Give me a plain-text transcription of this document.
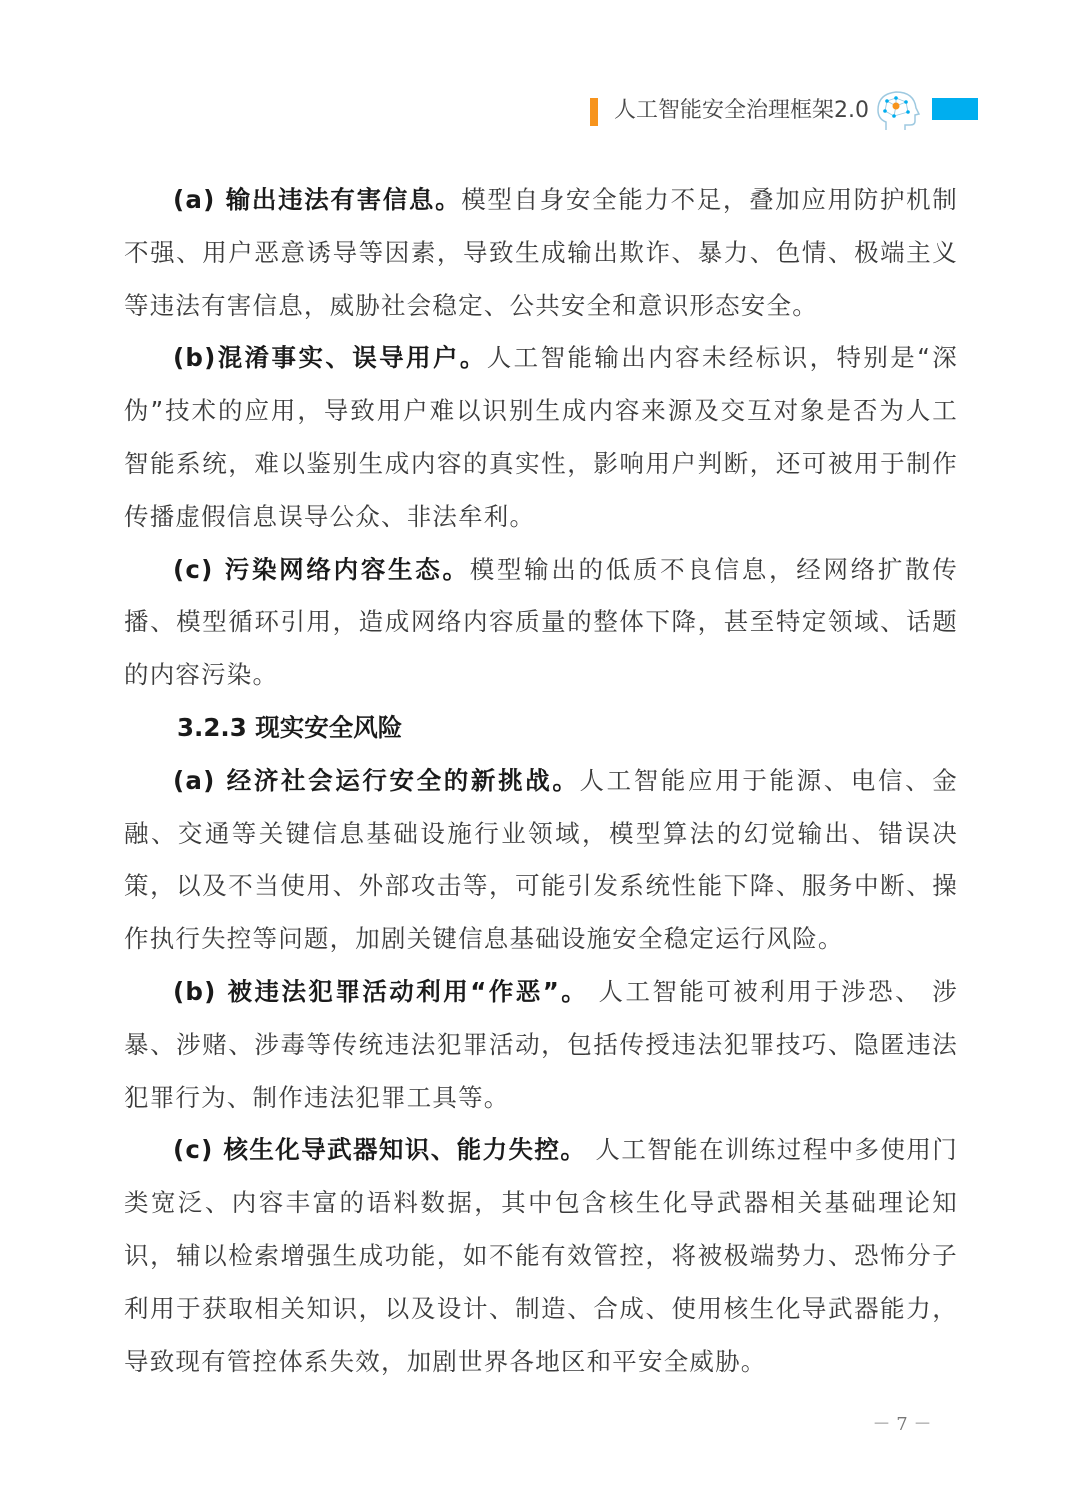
人工智能安全治理框架2.0

(a) 输出违法有害信息。模型自身安全能力不足，叠加应用防护机制不强、用户恶意诱导等因素，导致生成输出欺诈、暴力、色情、极端主义等违法有害信息，威胁社会稳定、公共安全和意识形态安全。

(b)混淆事实、误导用户。人工智能输出内容未经标识，特别是“深伪”技术的应用，导致用户难以识别生成内容来源及交互对象是否为人工智能系统，难以鉴别生成内容的真实性，影响用户判断，还可被用于制作传播虚假信息误导公众、非法牟利。

(c) 污染网络内容生态。模型输出的低质不良信息，经网络扩散传播、模型循环引用，造成网络内容质量的整体下降，甚至特定领域、话题的内容污染。

3.2.3 现实安全风险

(a) 经济社会运行安全的新挑战。人工智能应用于能源、电信、金融、交通等关键信息基础设施行业领域，模型算法的幻觉输出、错误决策，以及不当使用、外部攻击等，可能引发系统性能下降、服务中断、操作执行失控等问题，加剧关键信息基础设施安全稳定运行风险。

(b) 被违法犯罪活动利用“作恶”。 人工智能可被利用于涉恐、 涉暴、涉赌、涉毒等传统违法犯罪活动，包括传授违法犯罪技巧、隐匿违法犯罪行为、制作违法犯罪工具等。

(c) 核生化导武器知识、能力失控。 人工智能在训练过程中多使用门类宽泛、内容丰富的语料数据，其中包含核生化导武器相关基础理论知识，辅以检索增强生成功能，如不能有效管控，将被极端势力、恐怖分子利用于获取相关知识，以及设计、制造、合成、使用核生化导武器能力，导致现有管控体系失效，加剧世界各地区和平安全威胁。

－ 7 －
